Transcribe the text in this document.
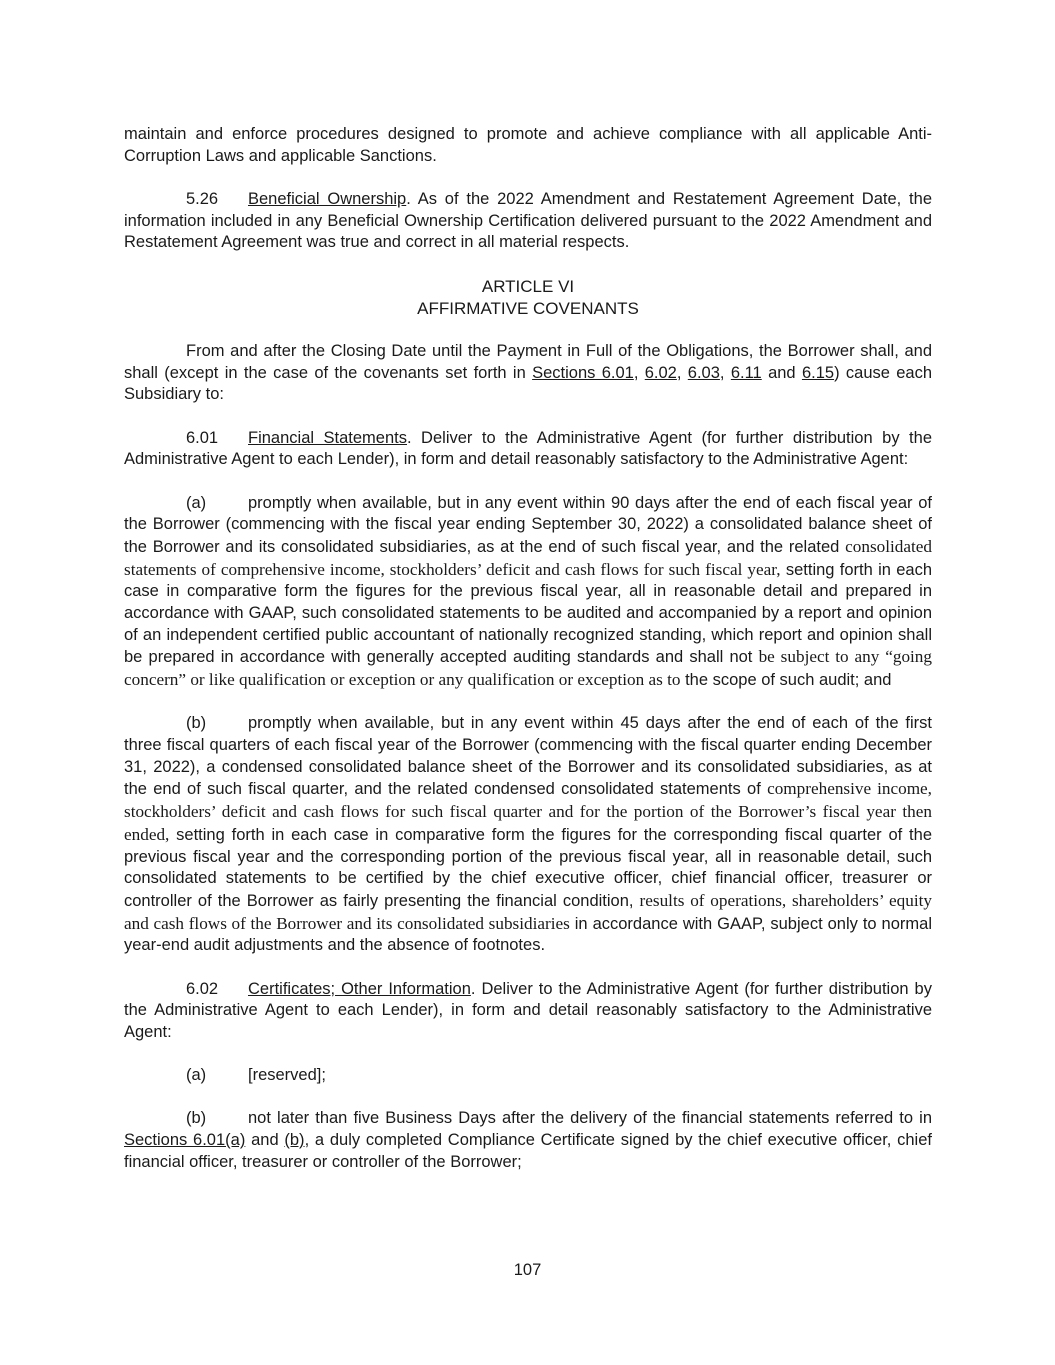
maintain and enforce procedures designed to promote and achieve compliance with all applicable Anti-Corruption Laws and applicable Sanctions.

5.26 Beneficial Ownership. As of the 2022 Amendment and Restatement Agreement Date, the information included in any Beneficial Ownership Certification delivered pursuant to the 2022 Amendment and Restatement Agreement was true and correct in all material respects.

ARTICLE VI
AFFIRMATIVE COVENANTS

From and after the Closing Date until the Payment in Full of the Obligations, the Borrower shall, and shall (except in the case of the covenants set forth in Sections 6.01, 6.02, 6.03, 6.11 and 6.15) cause each Subsidiary to:

6.01 Financial Statements. Deliver to the Administrative Agent (for further distribution by the Administrative Agent to each Lender), in form and detail reasonably satisfactory to the Administrative Agent:

(a)	promptly when available, but in any event within 90 days after the end of each fiscal year of the Borrower (commencing with the fiscal year ending September 30, 2022) a consolidated balance sheet of the Borrower and its consolidated subsidiaries, as at the end of such fiscal year, and the related consolidated statements of comprehensive income, stockholders’ deficit and cash flows for such fiscal year, setting forth in each case in comparative form the figures for the previous fiscal year, all in reasonable detail and prepared in accordance with GAAP, such consolidated statements to be audited and accompanied by a report and opinion of an independent certified public accountant of nationally recognized standing, which report and opinion shall be prepared in accordance with generally accepted auditing standards and shall not be subject to any “going concern” or like qualification or exception or any qualification or exception as to the scope of such audit; and

(b)	promptly when available, but in any event within 45 days after the end of each of the first three fiscal quarters of each fiscal year of the Borrower (commencing with the fiscal quarter ending December 31, 2022), a condensed consolidated balance sheet of the Borrower and its consolidated subsidiaries, as at the end of such fiscal quarter, and the related condensed consolidated statements of comprehensive income, stockholders’ deficit and cash flows for such fiscal quarter and for the portion of the Borrower’s fiscal year then ended, setting forth in each case in comparative form the figures for the corresponding fiscal quarter of the previous fiscal year and the corresponding portion of the previous fiscal year, all in reasonable detail, such consolidated statements to be certified by the chief executive officer, chief financial officer, treasurer or controller of the Borrower as fairly presenting the financial condition, results of operations, shareholders’ equity and cash flows of the Borrower and its consolidated subsidiaries in accordance with GAAP, subject only to normal year-end audit adjustments and the absence of footnotes.

6.02 Certificates; Other Information. Deliver to the Administrative Agent (for further distribution by the Administrative Agent to each Lender), in form and detail reasonably satisfactory to the Administrative Agent:

(a)	[reserved];

(b)	not later than five Business Days after the delivery of the financial statements referred to in Sections 6.01(a) and (b), a duly completed Compliance Certificate signed by the chief executive officer, chief financial officer, treasurer or controller of the Borrower;

107
